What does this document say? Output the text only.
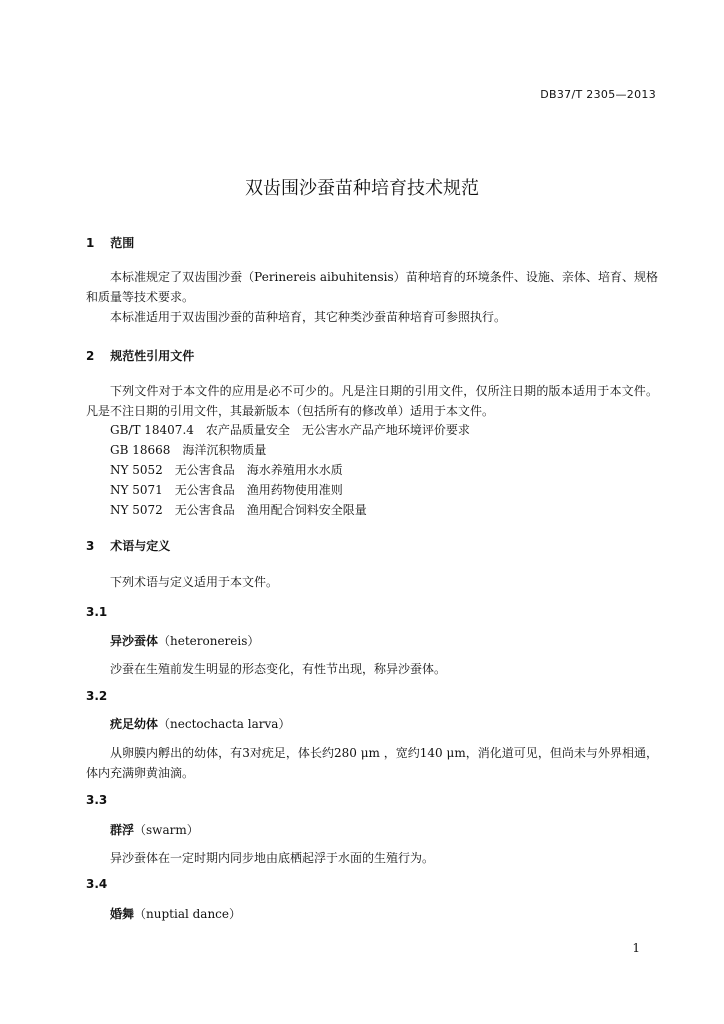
DB37/T 2305—2013
双齿围沙蚕苗种培育技术规范
1 范围
本标准规定了双齿围沙蚕（Perinereis aibuhitensis）苗种培育的环境条件、设施、亲体、培育、规格和质量等技术要求。
本标准适用于双齿围沙蚕的苗种培育，其它种类沙蚕苗种培育可参照执行。
2 规范性引用文件
下列文件对于本文件的应用是必不可少的。凡是注日期的引用文件，仅所注日期的版本适用于本文件。凡是不注日期的引用文件，其最新版本（包括所有的修改单）适用于本文件。
GB/T 18407.4　农产品质量安全　无公害水产品产地环境评价要求
GB 18668　海洋沉积物质量
NY 5052　无公害食品　海水养殖用水水质
NY 5071　无公害食品　渔用药物使用准则
NY 5072　无公害食品　渔用配合饲料安全限量
3 术语与定义
下列术语与定义适用于本文件。
3.1
异沙蚕体（heteronereis）
沙蚕在生殖前发生明显的形态变化，有性节出现，称异沙蚕体。
3.2
疣足幼体（nectochacta larva）
从卵膜内孵出的幼体，有3对疣足，体长约280 μm ，宽约140 μm，消化道可见，但尚未与外界相通，体内充满卵黄油滴。
3.3
群浮（swarm）
异沙蚕体在一定时期内同步地由底栖起浮于水面的生殖行为。
3.4
婚舞（nuptial dance）
1
